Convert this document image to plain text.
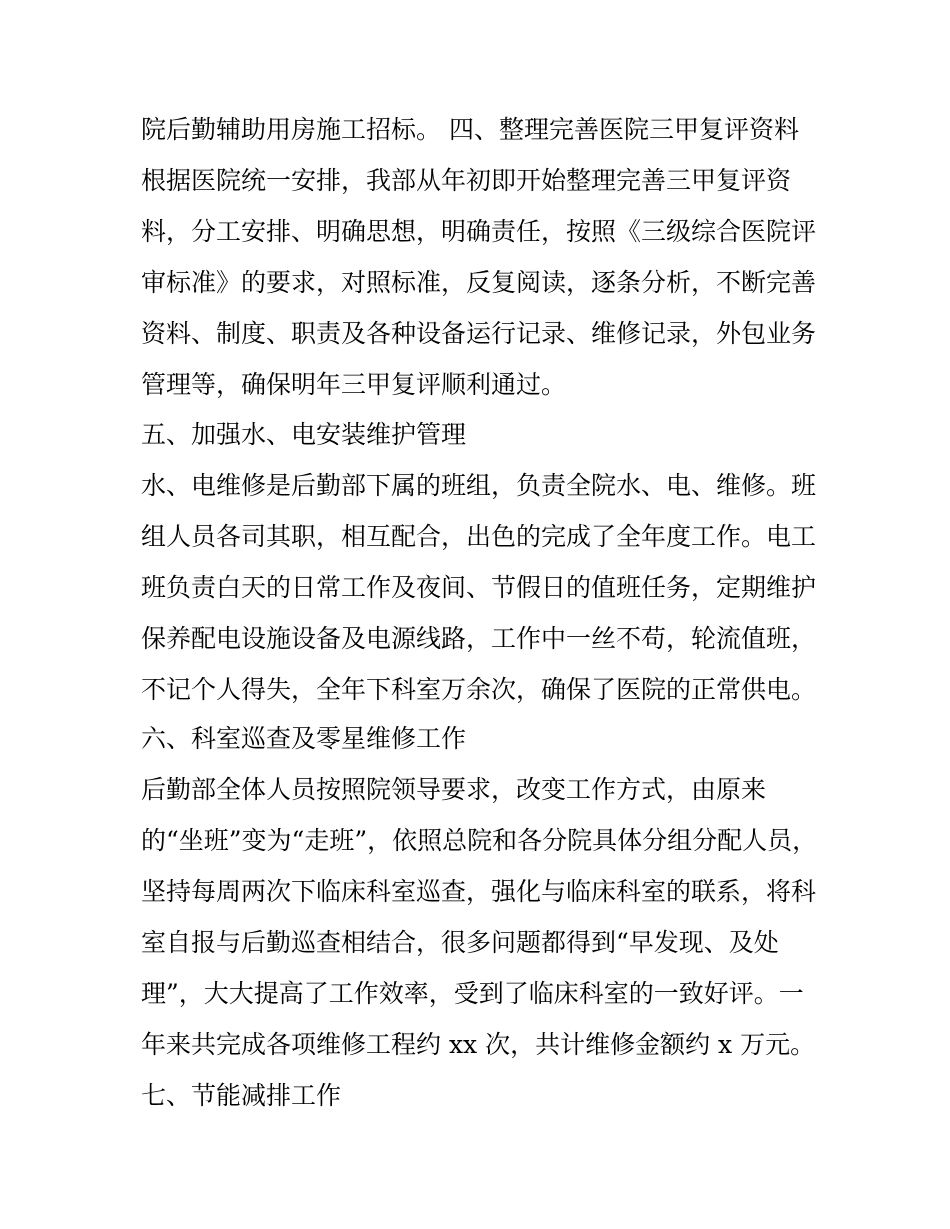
院后勤辅助用房施工招标。 四、整理完善医院三甲复评资料
根据医院统一安排，我部从年初即开始整理完善三甲复评资
料，分工安排、明确思想，明确责任，按照《三级综合医院评
审标准》的要求，对照标准，反复阅读，逐条分析，不断完善
资料、制度、职责及各种设备运行记录、维修记录，外包业务
管理等，确保明年三甲复评顺利通过。
五、加强水、电安装维护管理
水、电维修是后勤部下属的班组，负责全院水、电、维修。班
组人员各司其职，相互配合，出色的完成了全年度工作。电工
班负责白天的日常工作及夜间、节假日的值班任务，定期维护
保养配电设施设备及电源线路，工作中一丝不苟，轮流值班，
不记个人得失，全年下科室万余次，确保了医院的正常供电。
六、科室巡查及零星维修工作
后勤部全体人员按照院领导要求，改变工作方式，由原来
的“坐班”变为“走班”，依照总院和各分院具体分组分配人员，
坚持每周两次下临床科室巡查，强化与临床科室的联系，将科
室自报与后勤巡查相结合，很多问题都得到“早发现、及处
理”，大大提高了工作效率，受到了临床科室的一致好评。一
年来共完成各项维修工程约 xx 次，共计维修金额约 x 万元。
七、节能减排工作
